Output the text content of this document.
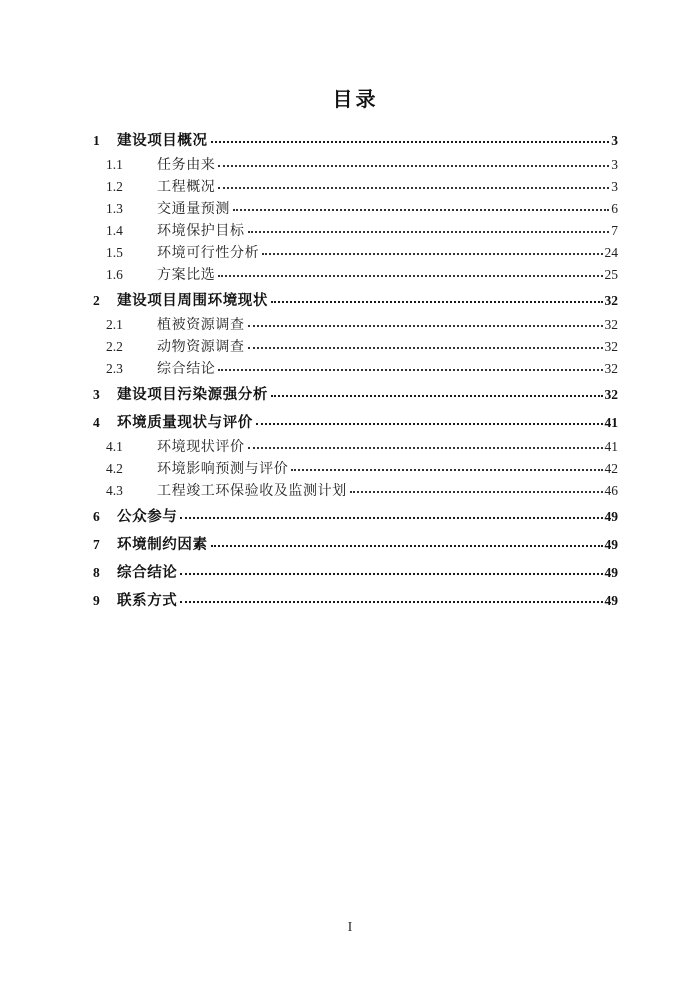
目录
1	建设项目概况	3
1.1	任务由来	3
1.2	工程概况	3
1.3	交通量预测	6
1.4	环境保护目标	7
1.5	环境可行性分析	24
1.6	方案比选	25
2	建设项目周围环境现状	32
2.1	植被资源调查	32
2.2	动物资源调查	32
2.3	综合结论	32
3	建设项目污染源强分析	32
4	环境质量现状与评价	41
4.1	环境现状评价	41
4.2	环境影响预测与评价	42
4.3	工程竣工环保验收及监测计划	46
6	公众参与	49
7	环境制约因素	49
8	综合结论	49
9	联系方式	49
I
